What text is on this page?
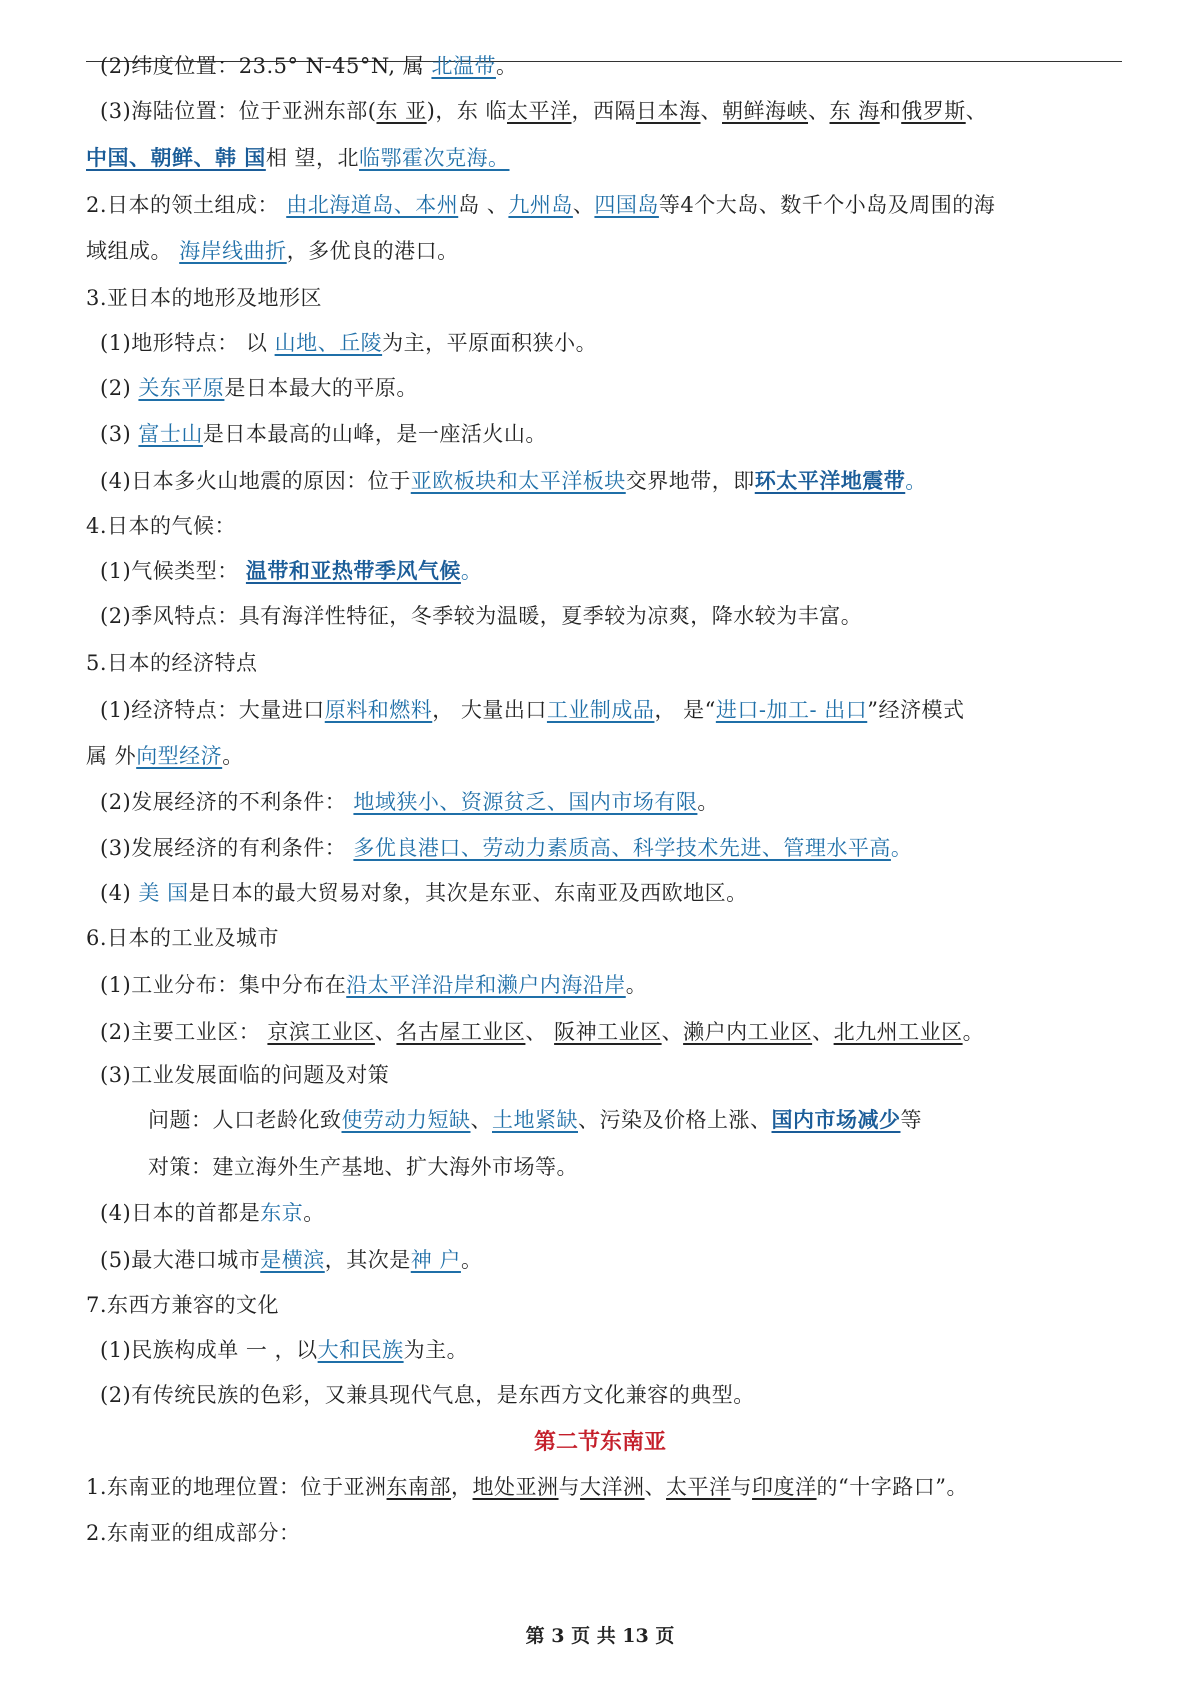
(2)纬度位置：23.5° N-45°N, 属 北温带。
(3)海陆位置：位于亚洲东部(东 亚)，东 临太平洋，西隔日本海、朝鲜海峡、东 海和俄罗斯、
中国、朝鲜、韩 国相 望，北临鄂霍次克海。
2.日本的领土组成： 由北海道岛、本州岛 、九州岛、四国岛等4个大岛、数千个小岛及周围的海
域组成。 海岸线曲折，多优良的港口。
3.亚日本的地形及地形区
(1)地形特点： 以 山地、丘陵为主，平原面积狭小。
(2) 关东平原是日本最大的平原。
(3) 富士山是日本最高的山峰，是一座活火山。
(4)日本多火山地震的原因：位于亚欧板块和太平洋板块交界地带，即环太平洋地震带。
4.日本的气候：
(1)气候类型： 温带和亚热带季风气候。
(2)季风特点：具有海洋性特征，冬季较为温暖，夏季较为凉爽，降水较为丰富。
5.日本的经济特点
(1)经济特点：大量进口原料和燃料， 大量出口工业制成品， 是“进口-加工- 出口”经济模式
属 外向型经济。
(2)发展经济的不利条件： 地域狭小、资源贫乏、国内市场有限。
(3)发展经济的有利条件： 多优良港口、劳动力素质高、科学技术先进、管理水平高。
(4) 美 国是日本的最大贸易对象，其次是东亚、东南亚及西欧地区。
6.日本的工业及城市
(1)工业分布：集中分布在沿太平洋沿岸和濑户内海沿岸。
(2)主要工业区： 京滨工业区、名古屋工业区、 阪神工业区、濑户内工业区、北九州工业区。
(3)工业发展面临的问题及对策
问题：人口老龄化致使劳动力短缺、土地紧缺、污染及价格上涨、国内市场减少等
对策：建立海外生产基地、扩大海外市场等。
(4)日本的首都是东京。
(5)最大港口城市是横滨，其次是神 户。
7.东西方兼容的文化
(1)民族构成单 一 ，以大和民族为主。
(2)有传统民族的色彩，又兼具现代气息，是东西方文化兼容的典型。
1.东南亚的地理位置：位于亚洲东南部，地处亚洲与大洋洲、太平洋与印度洋的“十字路口”。
2.东南亚的组成部分：
第二节东南亚
第 3 页 共 13 页
